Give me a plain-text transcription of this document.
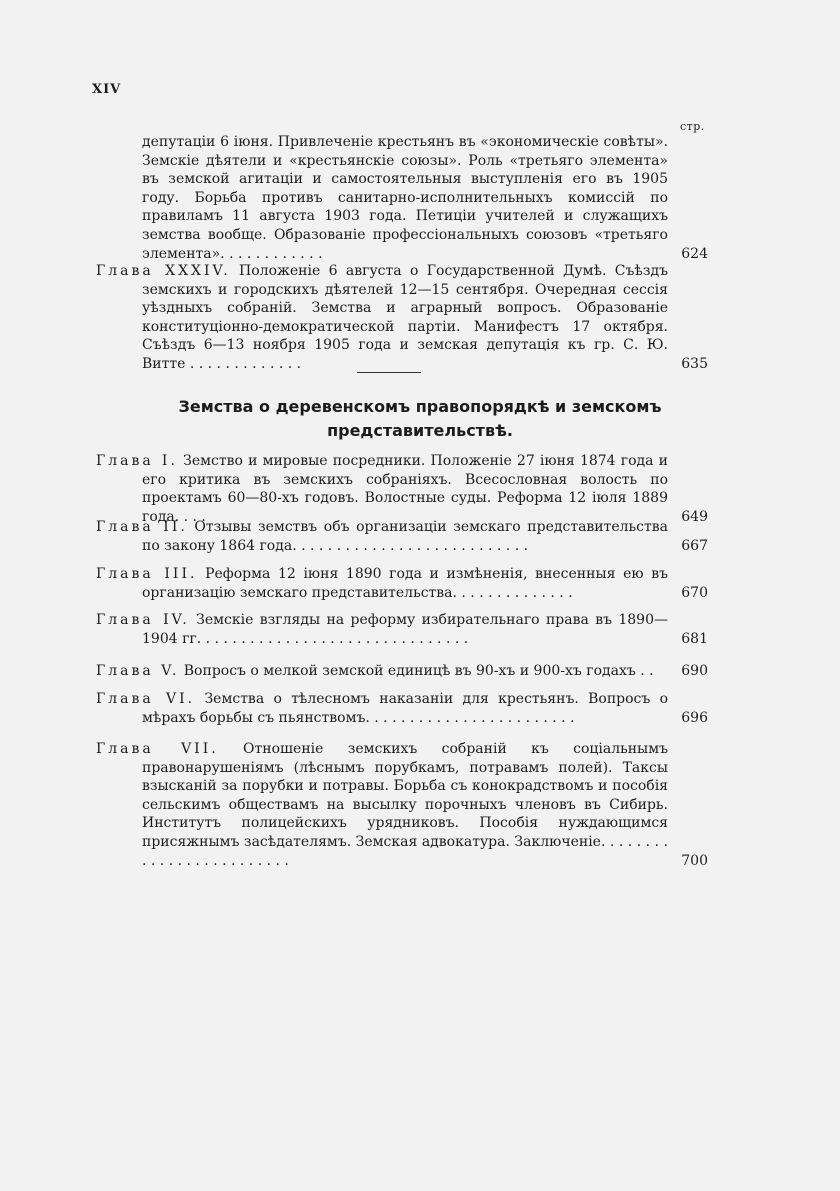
XIV
стр.
депутаціи 6 іюня. Привлеченіе крестьянъ въ «экономическіе совѣты». Земскіе дѣятели и «крестьянскіе союзы». Роль «третьяго элемента» въ земской агитаціи и самостоятельныя выступленія его въ 1905 году. Борьба противъ санитарно-исполнительныхъ комиссій по правиламъ 11 августа 1903 года. Петиціи учителей и служащихъ земства вообще. Образованіе профессіональныхъ союзовъ «третьяго элемента». . . . . . . . . . . .	624
Глава XXXIV. Положеніе 6 августа о Государственной Думѣ. Съѣздъ земскихъ и городскихъ дѣятелей 12—15 сентября. Очередная сессія уѣздныхъ собраній. Земства и аграрный вопросъ. Образованіе конституціонно-демократической партіи. Манифестъ 17 октября. Съѣздъ 6—13 ноября 1905 года и земская депутація къ гр. С. Ю. Витте . . . . . . . . . . . . .	635
Земства о деревенскомъ правопорядкѣ и земскомъ представительствѣ.
Глава I. Земство и мировые посредники. Положеніе 27 іюня 1874 года и его критика въ земскихъ собраніяхъ. Всесословная волость по проектамъ 60—80-хъ годовъ. Волостные суды. Реформа 12 іюля 1889 года. . . .	649
Глава II. Отзывы земствъ объ организаціи земскаго представительства по закону 1864 года. . . . . . . . . . . . . . . . . . . . . . . . . . .	667
Глава III. Реформа 12 іюня 1890 года и измѣненія, внесенныя ею въ организацію земскаго представительства. . . . . . . . . . . . . .	670
Глава IV. Земскіе взгляды на реформу избирательнаго права въ 1890—1904 гг. . . . . . . . . . . . . . . . . . . . . . . . . . . . . . .	681
Глава V. Вопросъ о мелкой земской единицѣ въ 90-хъ и 900-хъ годахъ . .	690
Глава VI. Земства о тѣлесномъ наказаніи для крестьянъ. Вопросъ о мѣрахъ борьбы съ пьянствомъ. . . . . . . . . . . . . . . . . . . . . . . .	696
Глава VII. Отношеніе земскихъ собраній къ соціальнымъ правонарушеніямъ (лѣснымъ порубкамъ, потравамъ полей). Таксы взысканій за порубки и потравы. Борьба съ конокрадствомъ и пособія сельскимъ обществамъ на высылку порочныхъ членовъ въ Сибирь. Институтъ полицейскихъ урядниковъ. Пособія нуждающимся присяжнымъ засѣдателямъ. Земская адвокатура. Заключеніе. . . . . . . . . . . . . . . . . . . . . . . . .	700
